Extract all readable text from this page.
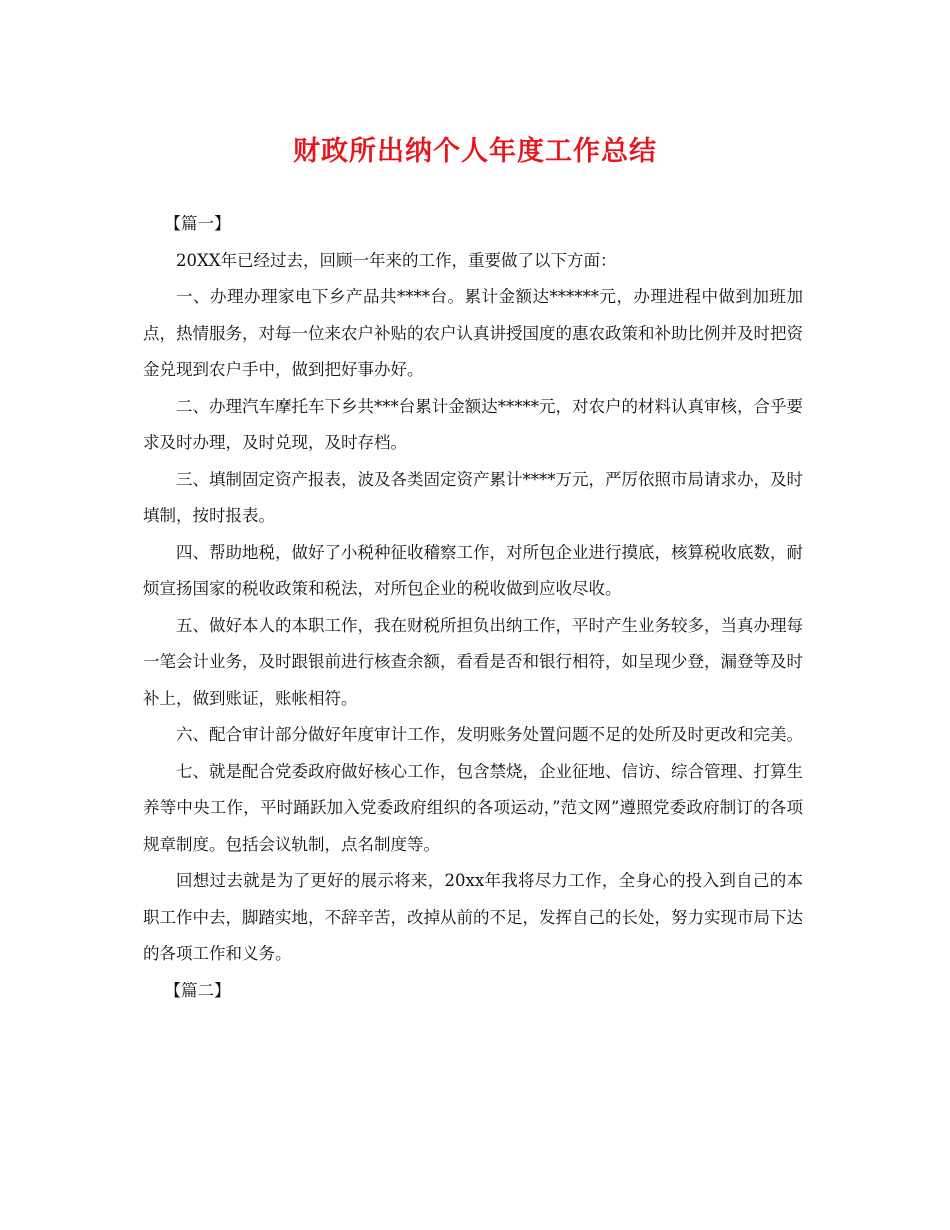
财政所出纳个人年度工作总结

【篇一】

20XX年已经过去，回顾一年来的工作，重要做了以下方面：

一、办理办理家电下乡产品共****台。累计金额达******元，办理进程中做到加班加点，热情服务，对每一位来农户补贴的农户认真讲授国度的惠农政策和补助比例并及时把资金兑现到农户手中，做到把好事办好。

二、办理汽车摩托车下乡共***台累计金额达*****元，对农户的材料认真审核，合乎要求及时办理，及时兑现，及时存档。

三、填制固定资产报表，波及各类固定资产累计****万元，严厉依照市局请求办，及时填制，按时报表。

四、帮助地税，做好了小税种征收稽察工作，对所包企业进行摸底，核算税收底数，耐烦宣扬国家的税收政策和税法，对所包企业的税收做到应收尽收。

五、做好本人的本职工作，我在财税所担负出纳工作，平时产生业务较多，当真办理每一笔会计业务，及时跟银前进行核查余额，看看是否和银行相符，如呈现少登，漏登等及时补上，做到账证，账帐相符。

六、配合审计部分做好年度审计工作，发明账务处置问题不足的处所及时更改和完美。

七、就是配合党委政府做好核心工作，包含禁烧，企业征地、信访、综合管理、打算生养等中央工作，平时踊跃加入党委政府组织的各项运动，”范文网”遵照党委政府制订的各项规章制度。包括会议轨制，点名制度等。

回想过去就是为了更好的展示将来，20xx年我将尽力工作，全身心的投入到自己的本职工作中去，脚踏实地，不辞辛苦，改掉从前的不足，发挥自己的长处，努力实现市局下达的各项工作和义务。

【篇二】
